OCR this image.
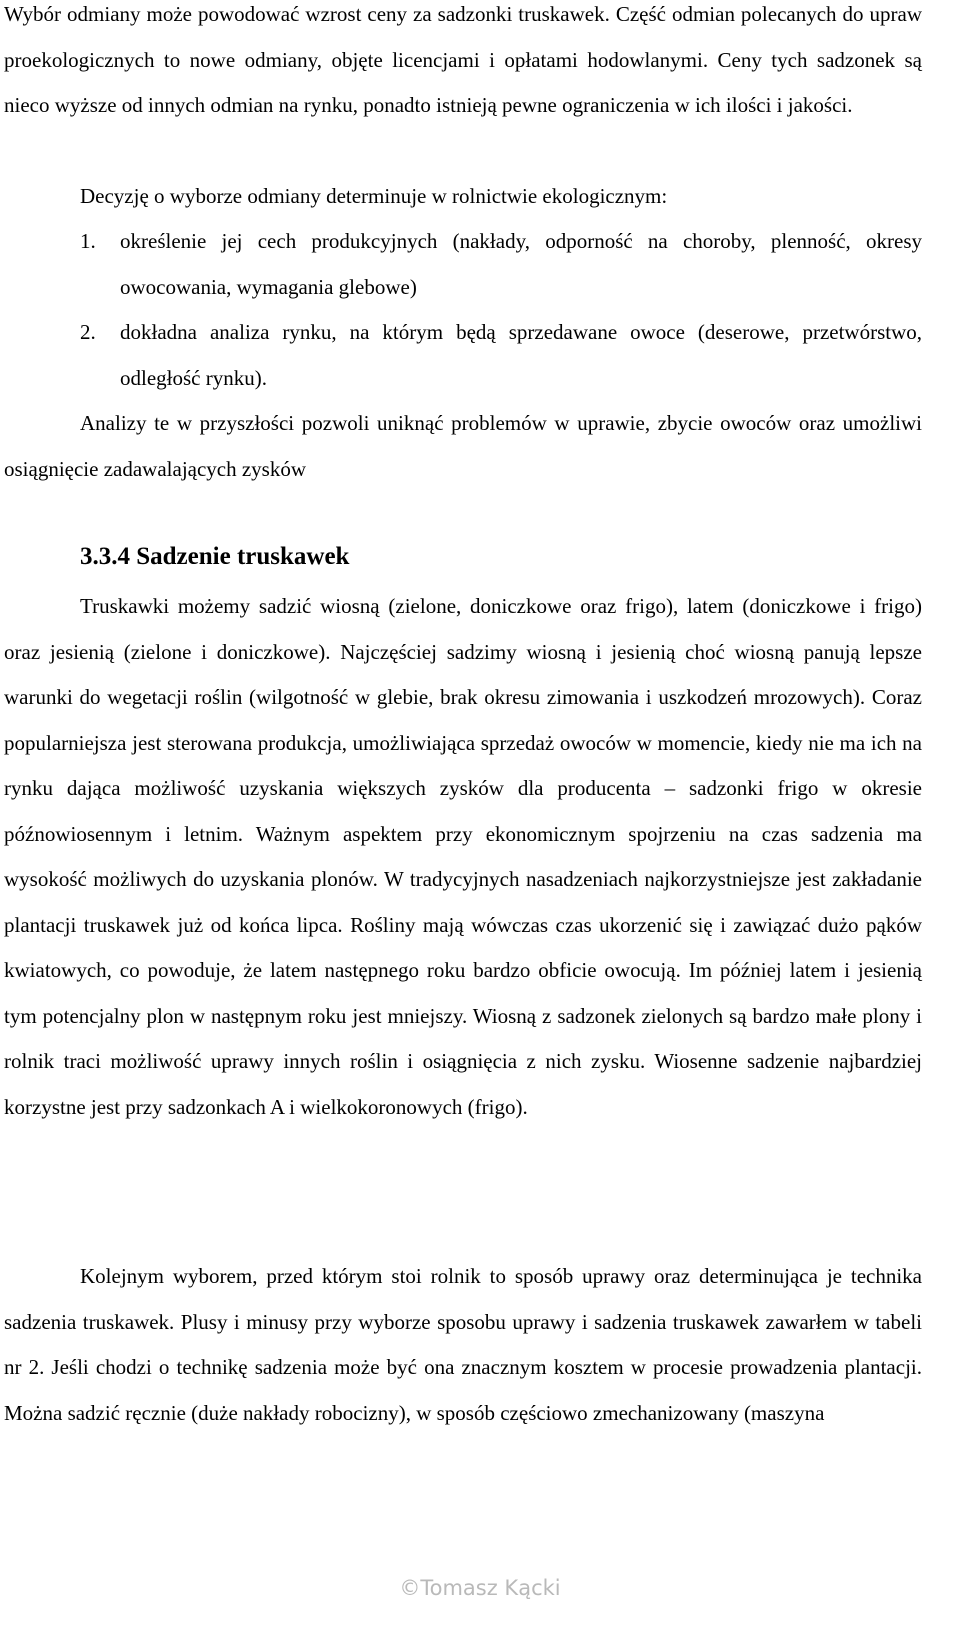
Wybór odmiany może powodować wzrost ceny za sadzonki truskawek. Część odmian polecanych do upraw proekologicznych to nowe odmiany, objęte licencjami i opłatami hodowlanymi. Ceny tych sadzonek są nieco wyższe od innych odmian na rynku, ponadto istnieją pewne ograniczenia w ich ilości i jakości.

Decyzję o wyborze odmiany determinuje w rolnictwie ekologicznym:

1. określenie jej cech produkcyjnych (nakłady, odporność na choroby, plenność, okresy owocowania, wymagania glebowe)
2. dokładna analiza rynku, na którym będą sprzedawane owoce (deserowe, przetwórstwo, odległość rynku).

Analizy te w przyszłości pozwoli uniknąć problemów w uprawie, zbycie owoców oraz umożliwi osiągnięcie zadawalających zysków

3.3.4 Sadzenie truskawek

Truskawki możemy sadzić wiosną (zielone, doniczkowe oraz frigo), latem (doniczkowe i frigo) oraz jesienią (zielone i doniczkowe). Najczęściej sadzimy wiosną i jesienią choć wiosną panują lepsze warunki do wegetacji roślin (wilgotność w glebie, brak okresu zimowania i uszkodzeń mrozowych). Coraz popularniejsza jest sterowana produkcja, umożliwiająca sprzedaż owoców w momencie, kiedy nie ma ich na rynku dająca możliwość uzyskania większych zysków dla producenta – sadzonki frigo w okresie późnowiosennym i letnim. Ważnym aspektem przy ekonomicznym spojrzeniu na czas sadzenia ma wysokość możliwych do uzyskania plonów. W tradycyjnych nasadzeniach najkorzystniejsze jest zakładanie plantacji truskawek już od końca lipca. Rośliny mają wówczas czas ukorzenić się i zawiązać dużo pąków kwiatowych, co powoduje, że latem następnego roku bardzo obficie owocują. Im później latem i jesienią tym potencjalny plon w następnym roku jest mniejszy. Wiosną z sadzonek zielonych są bardzo małe plony i rolnik traci możliwość uprawy innych roślin i osiągnięcia z nich zysku. Wiosenne sadzenie najbardziej korzystne jest przy sadzonkach A i wielkokoronowych (frigo).

Kolejnym wyborem, przed którym stoi rolnik to sposób uprawy oraz determinująca je technika sadzenia truskawek. Plusy i minusy przy wyborze sposobu uprawy i sadzenia truskawek zawarłem w tabeli nr 2. Jeśli chodzi o technikę sadzenia może być ona znacznym kosztem w procesie prowadzenia plantacji. Można sadzić ręcznie (duże nakłady robocizny), w sposób częściowo zmechanizowany (maszyna

©Tomasz Kącki
